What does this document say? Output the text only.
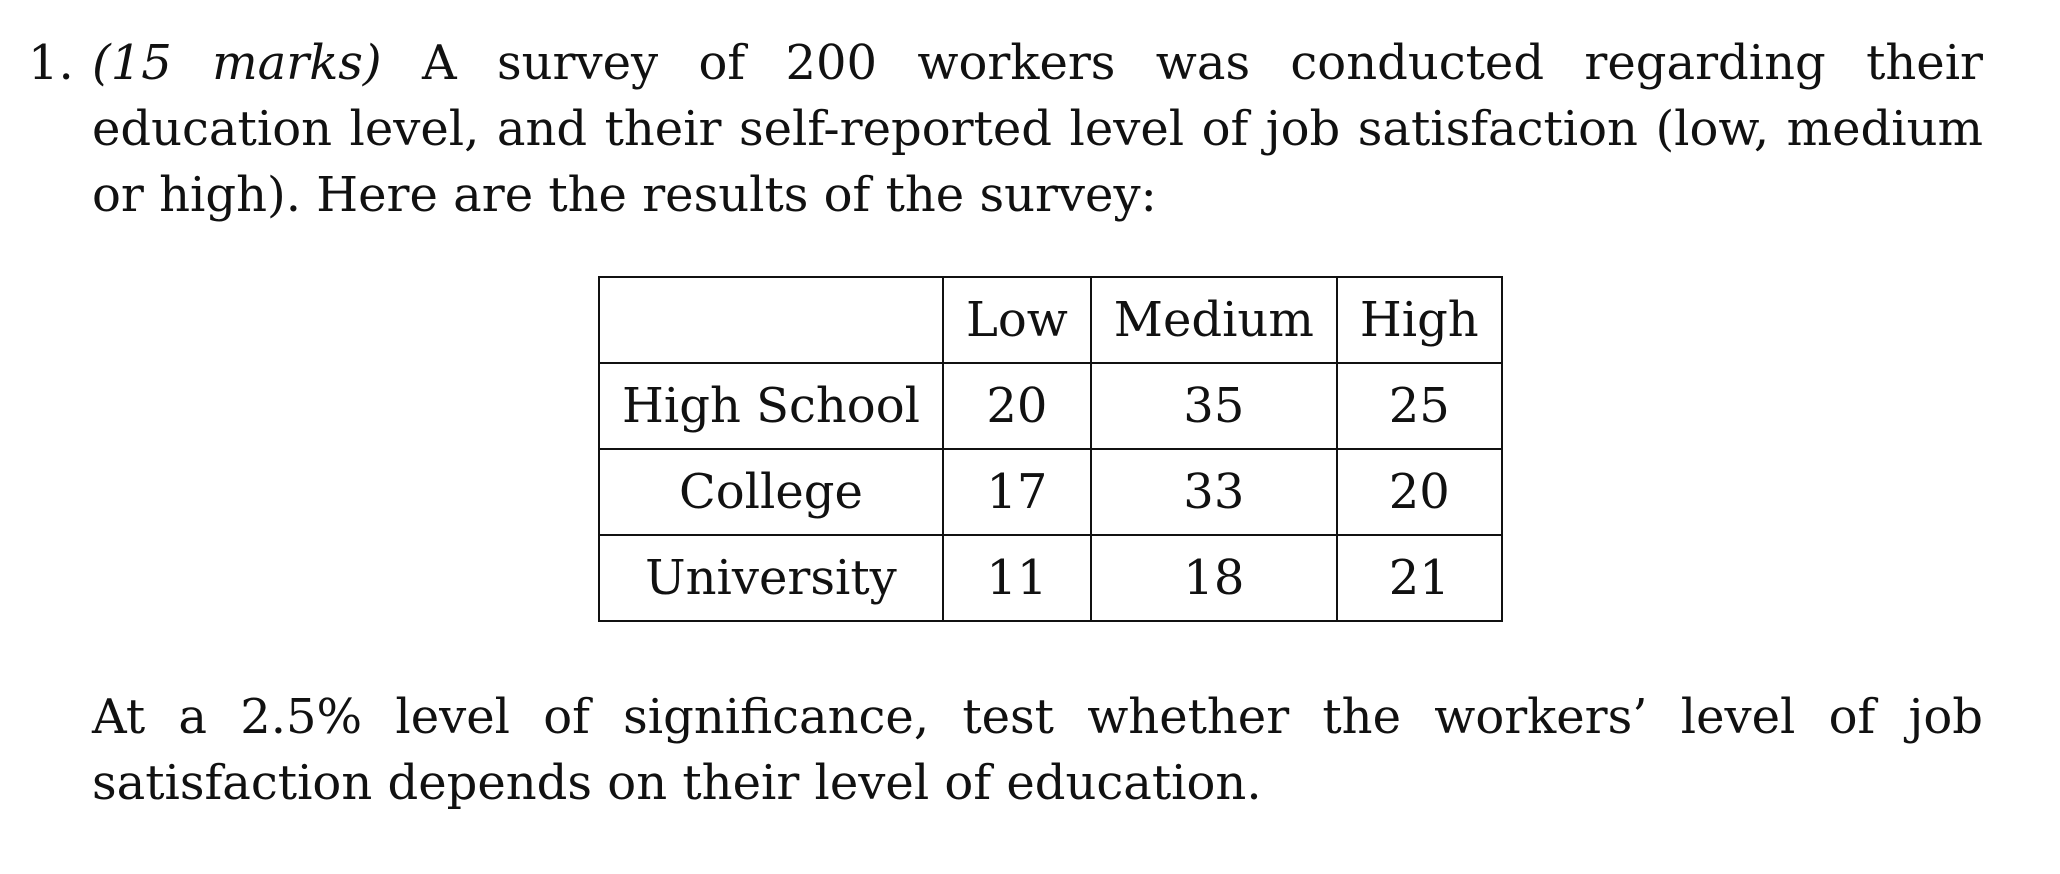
1. (15 marks) A survey of 200 workers was conducted regarding their education level, and their self-reported level of job satisfaction (low, medium or high). Here are the results of the survey:
	Low	Medium	High
High School	20	35	25
College	17	33	20
University	11	18	21
At a 2.5% level of significance, test whether the workers’ level of job satisfaction depends on their level of education.
